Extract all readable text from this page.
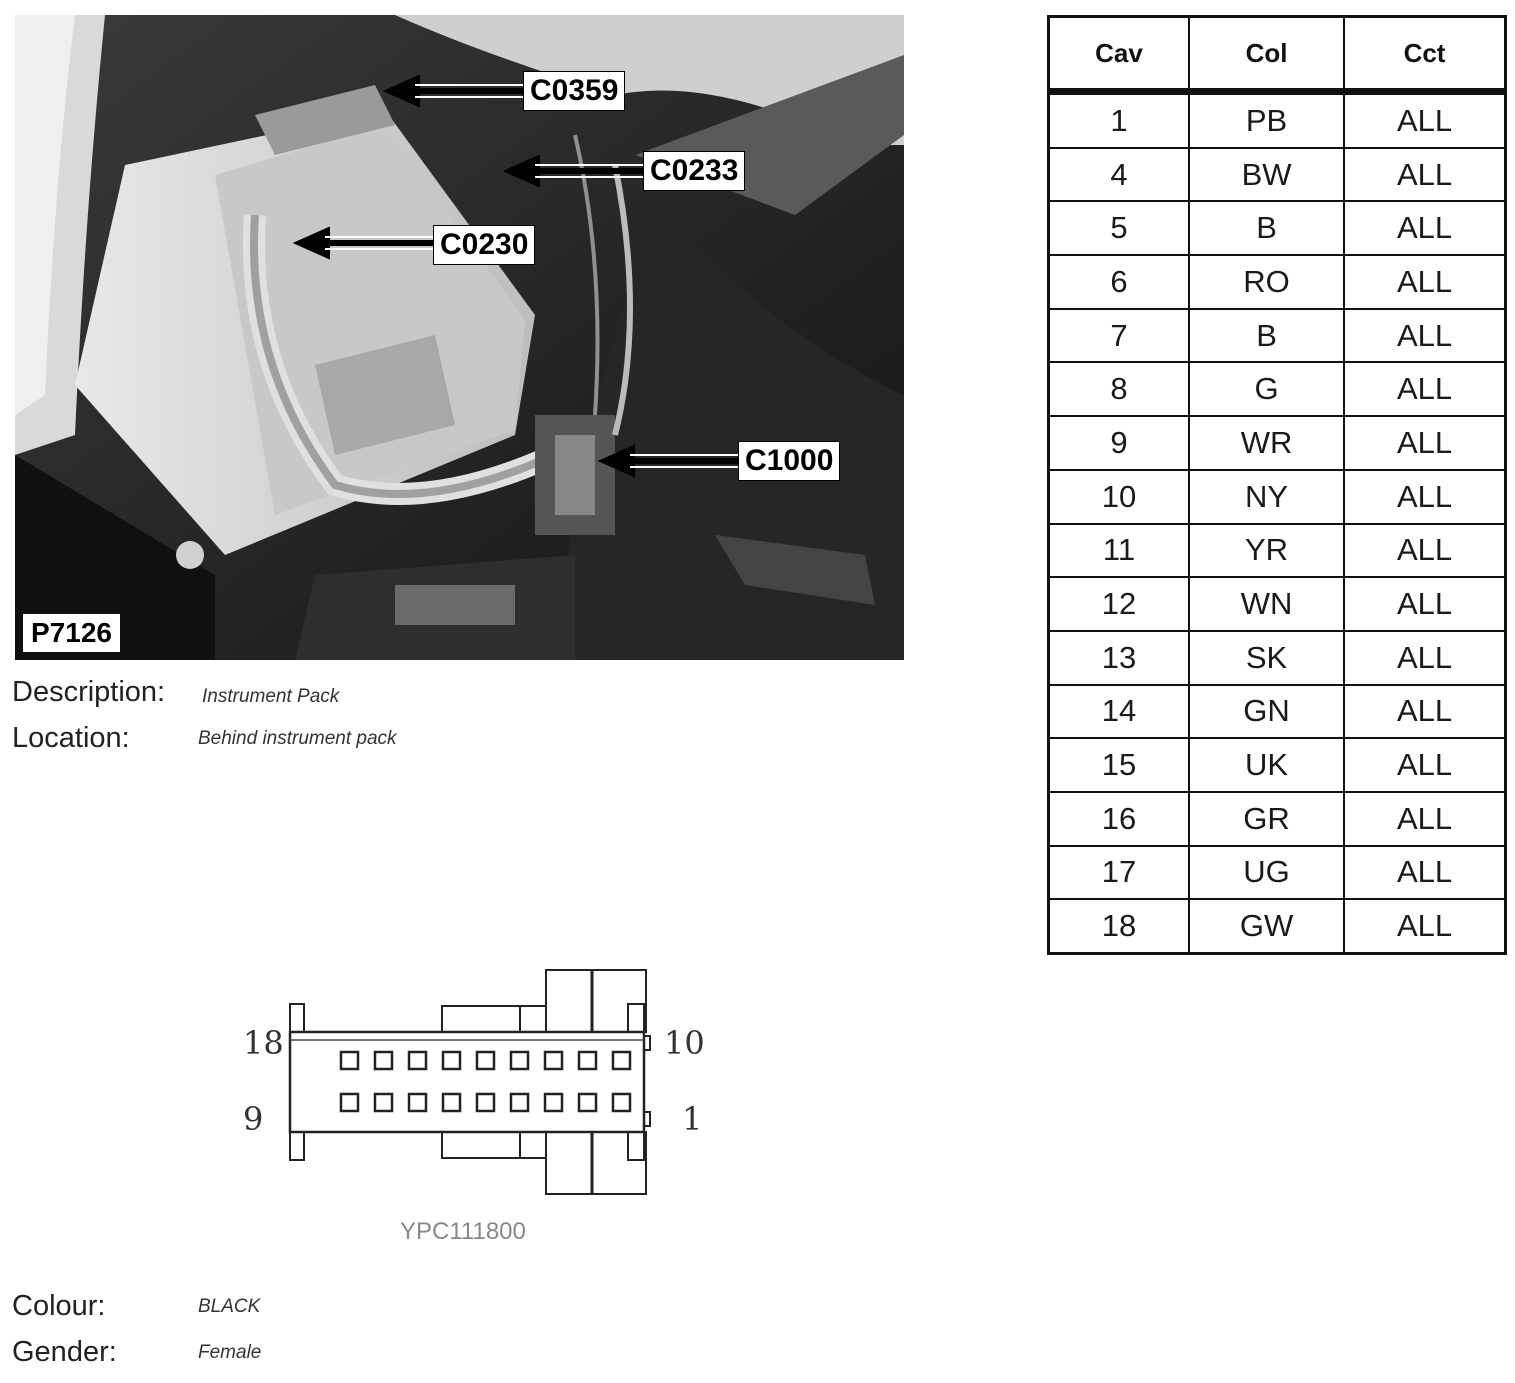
C0359
C0233
C0230
C1000
P7126
Description: Instrument Pack
Location:	Behind instrument pack
Cav	Col	Cct
1	PB	ALL
4	BW	ALL
5	B	ALL
6	RO	ALL
7	B	ALL
8	G	ALL
9	WR	ALL
10	NY	ALL
11	YR	ALL
12	WN	ALL
13	SK	ALL
14	GN	ALL
15	UK	ALL
16	GR	ALL
17	UG	ALL
18	GW	ALL
18	10
9	1
YPC111800
Colour:	BLACK
Gender:	Female
